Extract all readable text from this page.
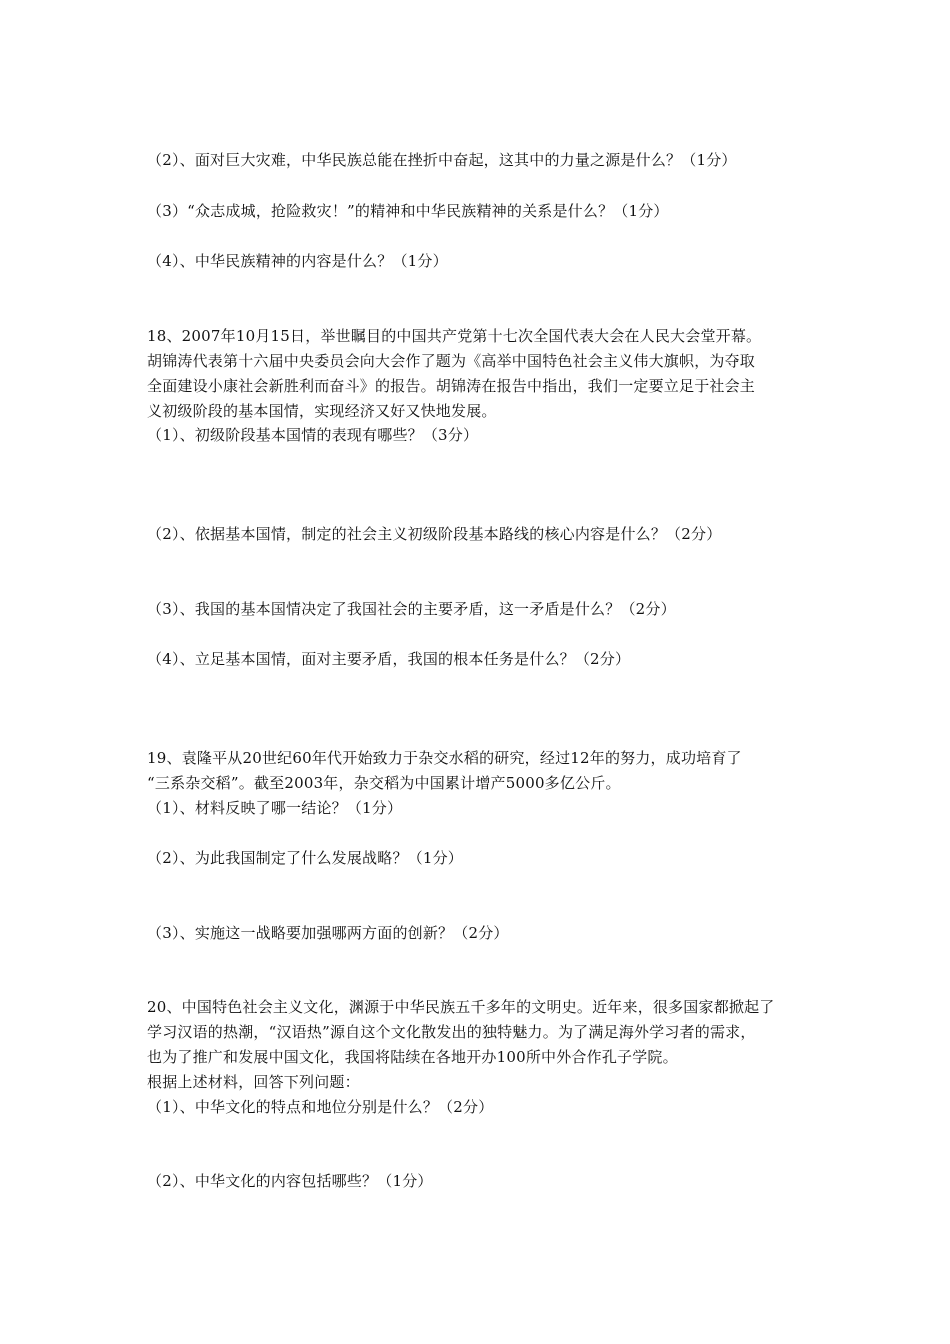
（2）、面对巨大灾难，中华民族总能在挫折中奋起，这其中的力量之源是什么？（1分）
（3）“众志成城，抢险救灾！”的精神和中华民族精神的关系是什么？（1分）
（4）、中华民族精神的内容是什么？（1分）
18、2007年10月15日，举世瞩目的中国共产党第十七次全国代表大会在人民大会堂开幕。
胡锦涛代表第十六届中央委员会向大会作了题为《高举中国特色社会主义伟大旗帜，为夺取
全面建设小康社会新胜利而奋斗》的报告。胡锦涛在报告中指出，我们一定要立足于社会主
义初级阶段的基本国情，实现经济又好又快地发展。
（1）、初级阶段基本国情的表现有哪些？（3分）
（2）、依据基本国情，制定的社会主义初级阶段基本路线的核心内容是什么？（2分）
（3）、我国的基本国情决定了我国社会的主要矛盾，这一矛盾是什么？（2分）
（4）、立足基本国情，面对主要矛盾，我国的根本任务是什么？（2分）
19、袁隆平从20世纪60年代开始致力于杂交水稻的研究，经过12年的努力，成功培育了
“三系杂交稻”。截至2003年，杂交稻为中国累计增产5000多亿公斤。
（1）、材料反映了哪一结论？（1分）
（2）、为此我国制定了什么发展战略？（1分）
（3）、实施这一战略要加强哪两方面的创新？（2分）
20、中国特色社会主义文化，渊源于中华民族五千多年的文明史。近年来，很多国家都掀起了
学习汉语的热潮，“汉语热”源自这个文化散发出的独特魅力。为了满足海外学习者的需求，
也为了推广和发展中国文化，我国将陆续在各地开办100所中外合作孔子学院。
根据上述材料，回答下列问题：
（1）、中华文化的特点和地位分别是什么？（2分）
（2）、中华文化的内容包括哪些？（1分）
